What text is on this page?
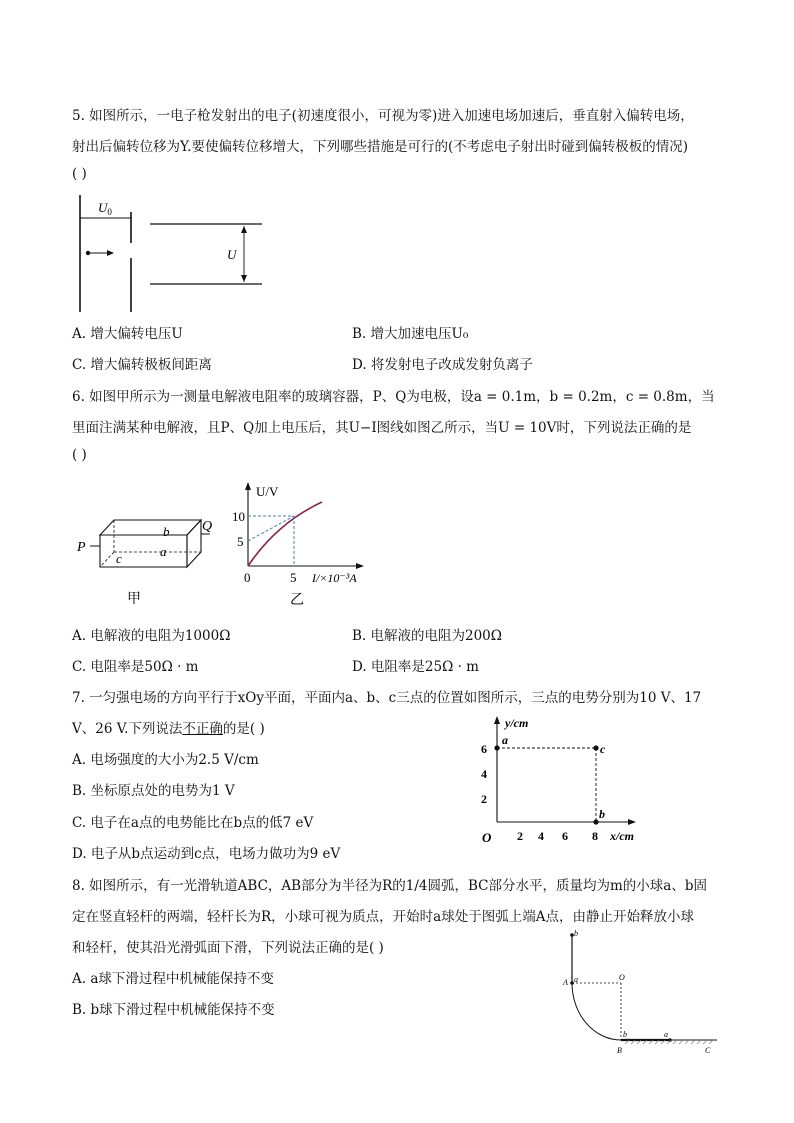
5. 如图所示，一电子枪发射出的电子(初速度很小，可视为零)进入加速电场加速后，垂直射入偏转电场，
射出后偏转位移为Y.要使偏转位移增大，下列哪些措施是可行的(不考虑电子射出时碰到偏转极板的情况)
( )
$U_0$
U
A. 增大偏转电压U	B. 增大加速电压U₀
C. 增大偏转极板间距离	D. 将发射电子改成发射负离子
6. 如图甲所示为一测量电解液电阻率的玻璃容器，P、Q为电极，设a = 0.1m，b = 0.2m，c = 0.8m，当
里面注满某种电解液，且P、Q加上电压后，其U−I图线如图乙所示，当U = 10V时，下列说法正确的是
( )
P
Q
b
a
c
甲
U/V
10
5
0	5 I/×10⁻³A
乙
A. 电解液的电阻为1000Ω	B. 电解液的电阻为200Ω
C. 电阻率是50Ω · m	D. 电阻率是25Ω · m
7. 一匀强电场的方向平行于xOy平面，平面内a、b、c三点的位置如图所示，三点的电势分别为10 V、17
V、26 V.下列说法不正确的是( )
A. 电场强度的大小为2.5 V/cm
B. 坐标原点处的电势为1 V
C. 电子在a点的电势能比在b点的低7 eV
D. 电子从b点运动到c点，电场力做功为9 eV
y/cm
x/cm
O
a
c
b
6
4
2
2 4 6 8
8. 如图所示，有一光滑轨道ABC，AB部分为半径为R的1/4圆弧，BC部分水平，质量均为m的小球a、b固
定在竖直轻杆的两端，轻杆长为R，小球可视为质点，开始时a球处于图弧上端A点，由静止开始释放小球
和轻杆，使其沿光滑弧面下滑，下列说法正确的是( )
A. a球下滑过程中机械能保持不变
B. b球下滑过程中机械能保持不变
b
a
A
O
b	a
B	C
